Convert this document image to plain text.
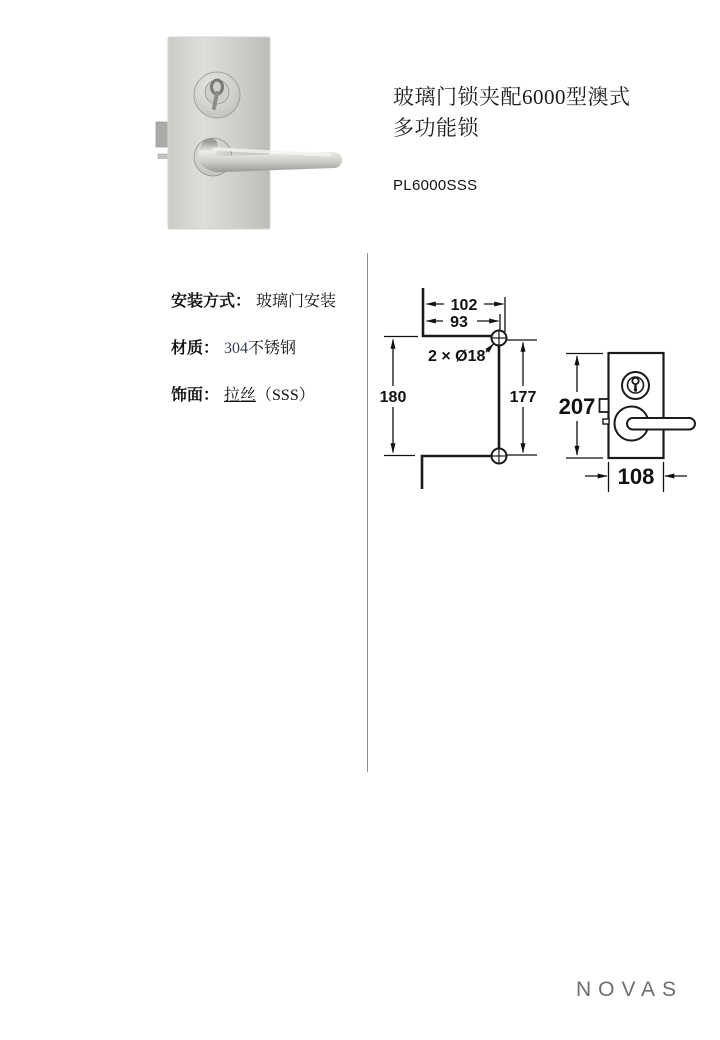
玻璃门锁夹配6000型澳式多功能锁
PL6000SSS
安装方式： 玻璃门安装
材质： 304不锈钢
饰面： 拉丝（SSS）
102
93
2 × Ø18
180	177 207
108
NOVAS
